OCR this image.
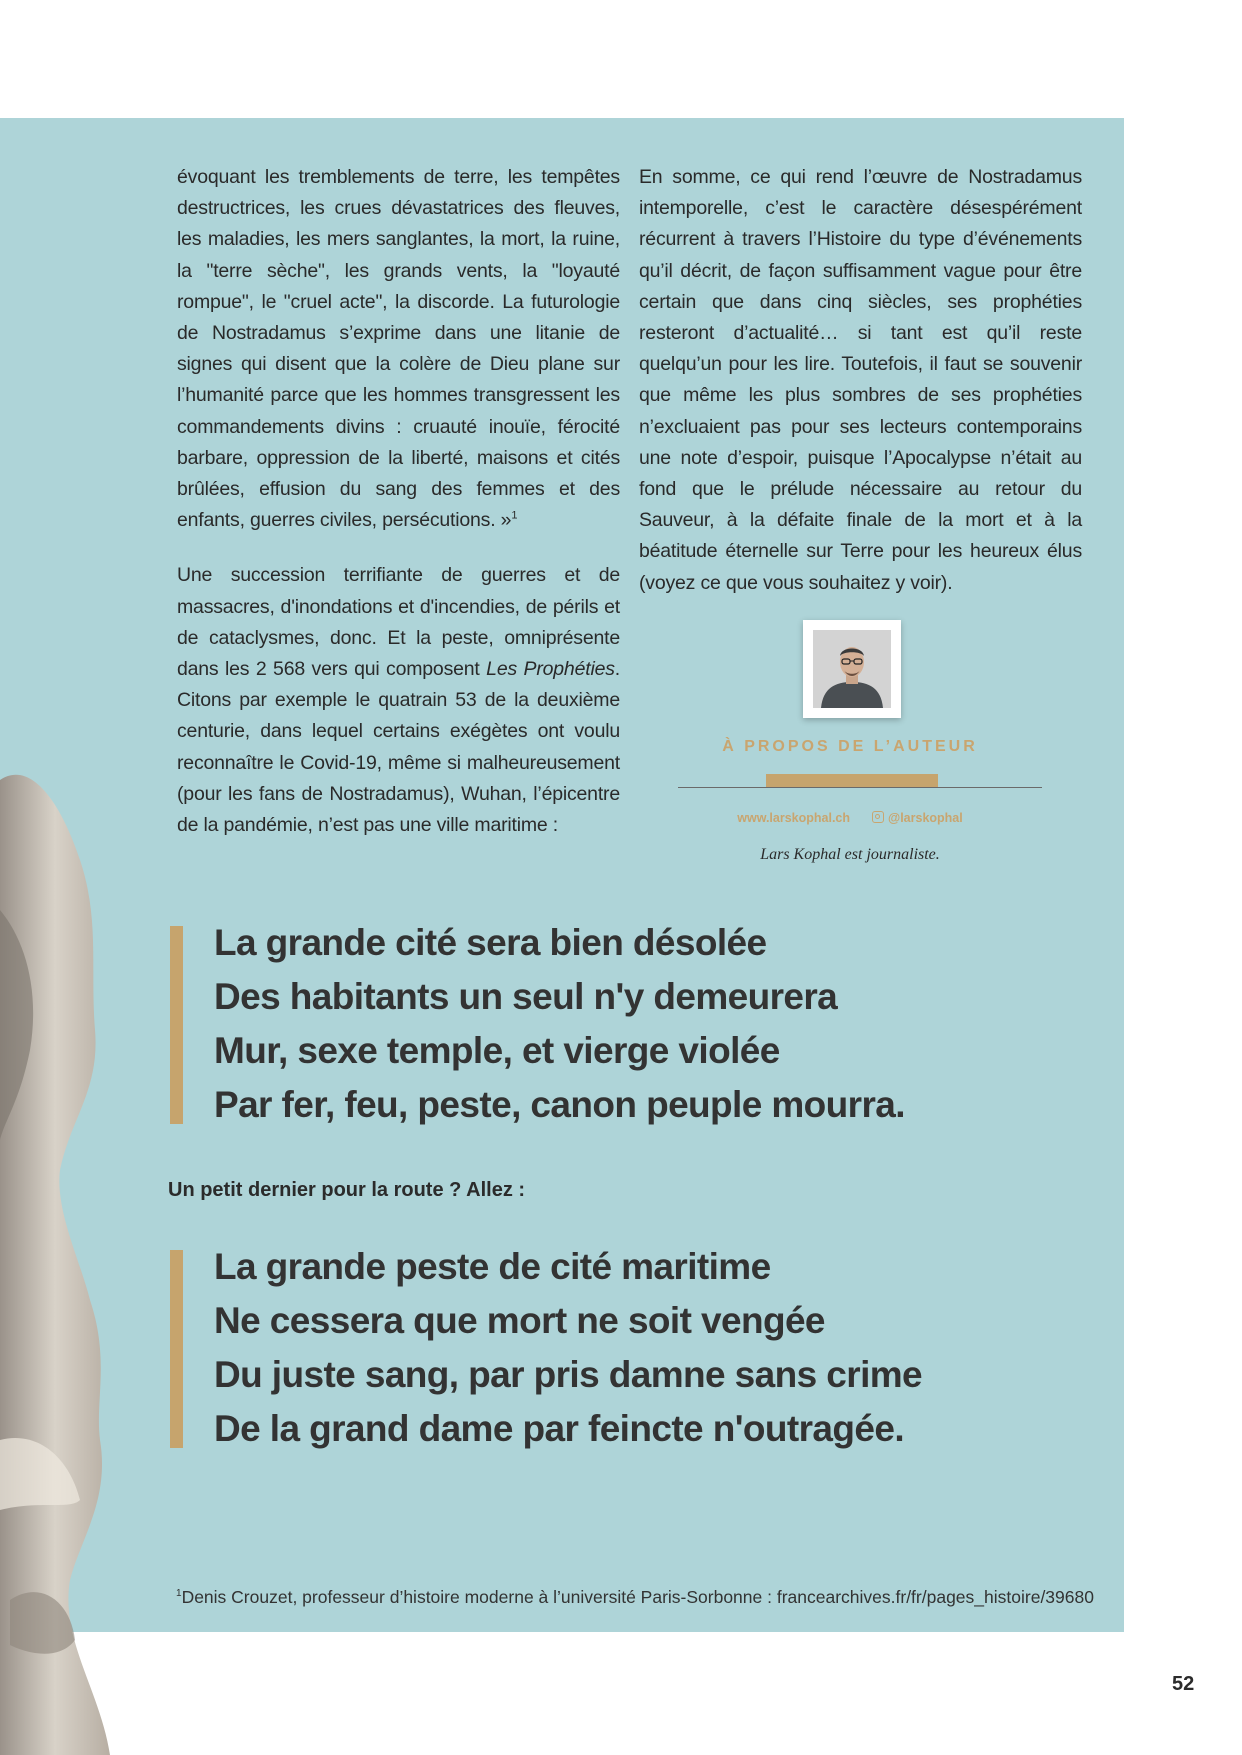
évoquant les tremblements de terre, les tempêtes destructrices, les crues dévastatrices des fleuves, les maladies, les mers sanglantes, la mort, la ruine, la "terre sèche", les grands vents, la "loyauté rompue", le "cruel acte", la discorde. La futurologie de Nostradamus s’exprime dans une litanie de signes qui disent que la colère de Dieu plane sur l’humanité parce que les hommes transgressent les commandements divins : cruauté inouïe, férocité barbare, oppression de la liberté, maisons et cités brûlées, effusion du sang des femmes et des enfants, guerres civiles, persécutions. »$^1$

Une succession terrifiante de guerres et de massacres, d'inondations et d'incendies, de périls et de cataclysmes, donc. Et la peste, omniprésente dans les 2 568 vers qui composent Les Prophéties. Citons par exemple le quatrain 53 de la deuxième centurie, dans lequel certains exégètes ont voulu reconnaître le Covid-19, même si malheureusement (pour les fans de Nostradamus), Wuhan, l’épicentre de la pandémie, n’est pas une ville maritime :

En somme, ce qui rend l’œuvre de Nostradamus intemporelle, c’est le caractère désespérément récurrent à travers l’Histoire du type d’événements qu’il décrit, de façon suffisamment vague pour être certain que dans cinq siècles, ses prophéties resteront d’actualité… si tant est qu’il reste quelqu’un pour les lire. Toutefois, il faut se souvenir que même les plus sombres de ses prophéties n’excluaient pas pour ses lecteurs contemporains une note d’espoir, puisque l’Apocalypse n’était au fond que le prélude nécessaire au retour du Sauveur, à la défaite finale de la mort et à la béatitude éternelle sur Terre pour les heureux élus (voyez ce que vous souhaitez y voir).

À PROPOS DE L’AUTEUR
www.larskophal.ch	@larskophal
Lars Kophal est journaliste.
La grande cité sera bien désolée
Des habitants un seul n'y demeurera
Mur, sexe temple, et vierge violée
Par fer, feu, peste, canon peuple mourra.
Un petit dernier pour la route ? Allez :
La grande peste de cité maritime
Ne cessera que mort ne soit vengée
Du juste sang, par pris damne sans crime
De la grand dame par feincte n'outragée.
$^1$Denis Crouzet, professeur d’histoire moderne à l’université Paris-Sorbonne : francearchives.fr/fr/pages_histoire/39680
52
